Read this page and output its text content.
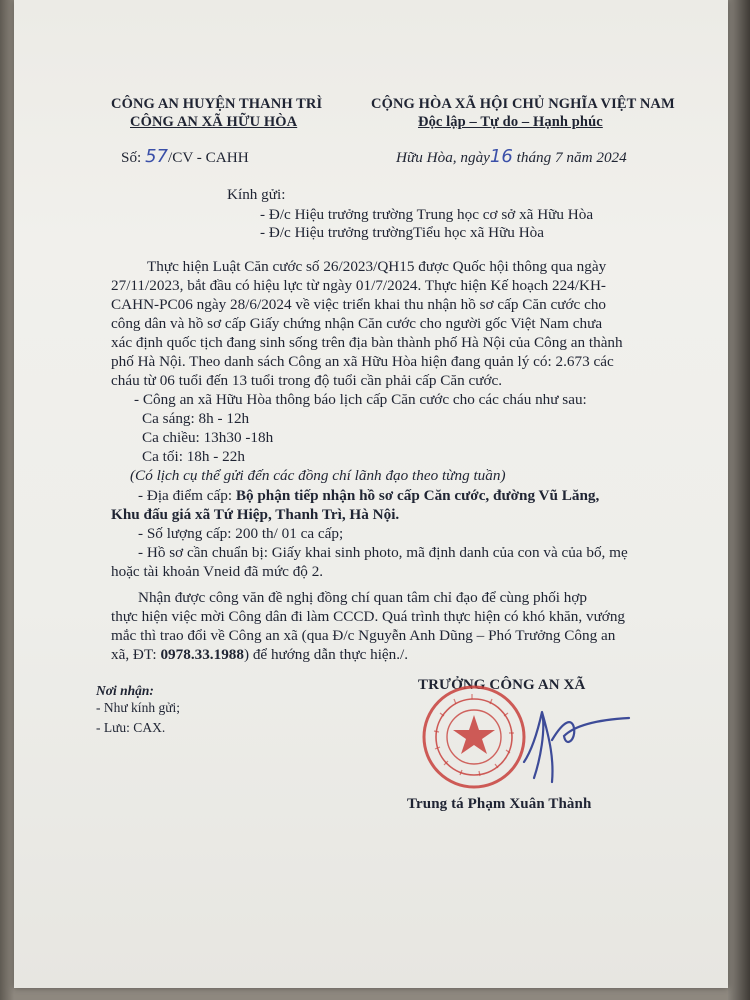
CÔNG AN HUYỆN THANH TRÌ
CÔNG AN XÃ HỮU HÒA
CỘNG HÒA XÃ HỘI CHỦ NGHĨA VIỆT NAM
Độc lập – Tự do – Hạnh phúc
Số: 57/CV - CAHH	Hữu Hòa, ngày16 tháng 7 năm 2024
Kính gửi:
- Đ/c Hiệu trưởng trường Trung học cơ sở xã Hữu Hòa
- Đ/c Hiệu trưởng trườngTiểu học xã Hữu Hòa
Thực hiện Luật Căn cước số 26/2023/QH15 được Quốc hội thông qua ngày
27/11/2023, bắt đầu có hiệu lực từ ngày 01/7/2024. Thực hiện Kế hoạch 224/KH-
CAHN-PC06 ngày 28/6/2024 về việc triển khai thu nhận hồ sơ cấp Căn cước cho
công dân và hồ sơ cấp Giấy chứng nhận Căn cước cho người gốc Việt Nam chưa
xác định quốc tịch đang sinh sống trên địa bàn thành phố Hà Nội của Công an thành
phố Hà Nội. Theo danh sách Công an xã Hữu Hòa hiện đang quản lý có: 2.673 các
cháu từ 06 tuổi đến 13 tuổi trong độ tuổi cần phải cấp Căn cước.
- Công an xã Hữu Hòa thông báo lịch cấp Căn cước cho các cháu như sau:
Ca sáng: 8h - 12h
Ca chiều: 13h30 -18h
Ca tối: 18h - 22h
(Có lịch cụ thể gửi đến các đồng chí lãnh đạo theo từng tuần)
- Địa điểm cấp: Bộ phận tiếp nhận hồ sơ cấp Căn cước, đường Vũ Lăng,
Khu đấu giá xã Tứ Hiệp, Thanh Trì, Hà Nội.
- Số lượng cấp: 200 th/ 01 ca cấp;
- Hồ sơ cần chuẩn bị: Giấy khai sinh photo, mã định danh của con và của bố, mẹ
hoặc tài khoản Vneid đã mức độ 2.
Nhận được công văn đề nghị đồng chí quan tâm chỉ đạo để cùng phối hợp
thực hiện việc mời Công dân đi làm CCCD. Quá trình thực hiện có khó khăn, vướng
mắc thì trao đổi về Công an xã (qua Đ/c Nguyễn Anh Dũng – Phó Trưởng Công an
xã, ĐT: 0978.33.1988) để hướng dẫn thực hiện./.
Nơi nhận:
- Như kính gửi;
- Lưu: CAX.
TRƯỞNG CÔNG AN XÃ
Trung tá Phạm Xuân Thành
